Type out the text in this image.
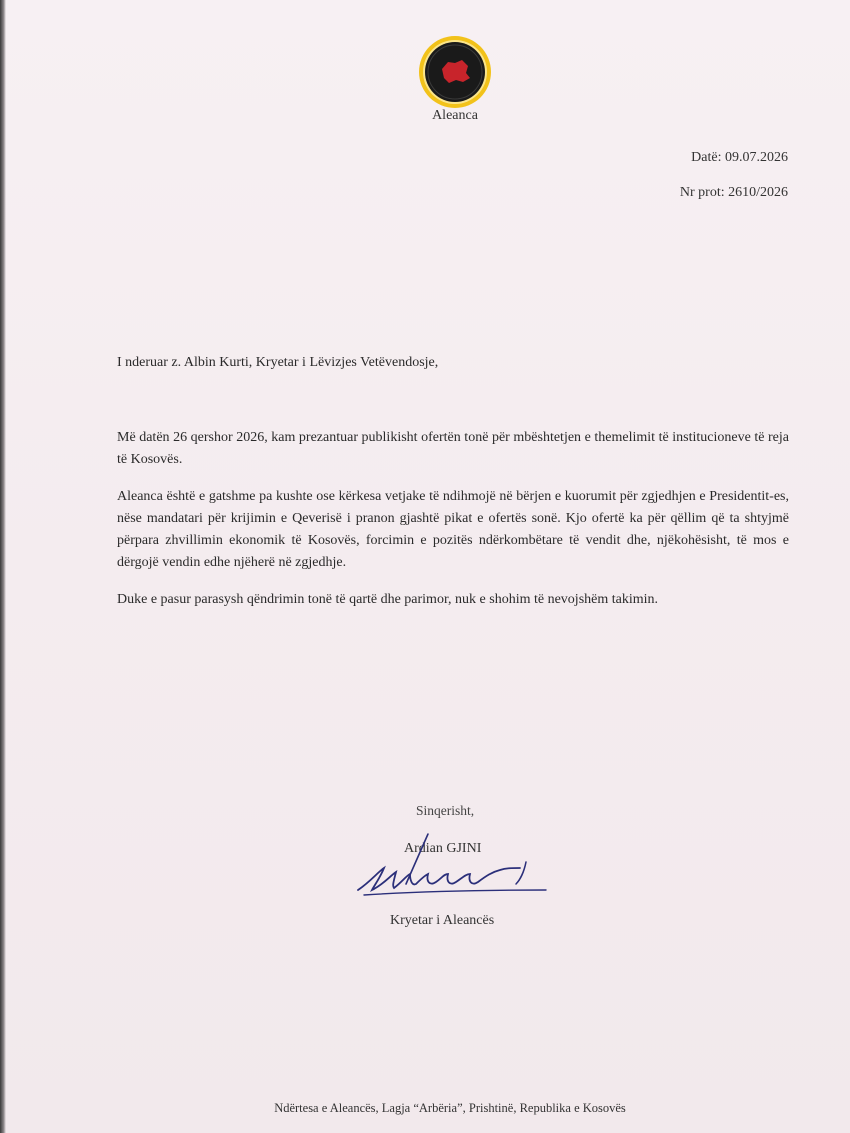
Aleanca
Datë: 09.07.2026
Nr prot: 2610/2026
I nderuar z. Albin Kurti, Kryetar i Lëvizjes Vetëvendosje,
Më datën 26 qershor 2026, kam prezantuar publikisht ofertën tonë për mbështetjen e themelimit të institucioneve të reja të Kosovës.
Aleanca është e gatshme pa kushte ose kërkesa vetjake të ndihmojë në bërjen e kuorumit për zgjedhjen e Presidentit-es, nëse mandatari për krijimin e Qeverisë i pranon gjashtë pikat e ofertës sonë. Kjo ofertë ka për qëllim që ta shtyjmë përpara zhvillimin ekonomik të Kosovës, forcimin e pozitës ndërkombëtare të vendit dhe, njëkohësisht, të mos e dërgojë vendin edhe njëherë në zgjedhje.
Duke e pasur parasysh qëndrimin tonë të qartë dhe parimor, nuk e shohim të nevojshëm takimin.
Sinqerisht,
Ardian GJINI
Kryetar i Aleancës
Ndërtesa e Aleancës, Lagja “Arbëria”, Prishtinë, Republika e Kosovës
